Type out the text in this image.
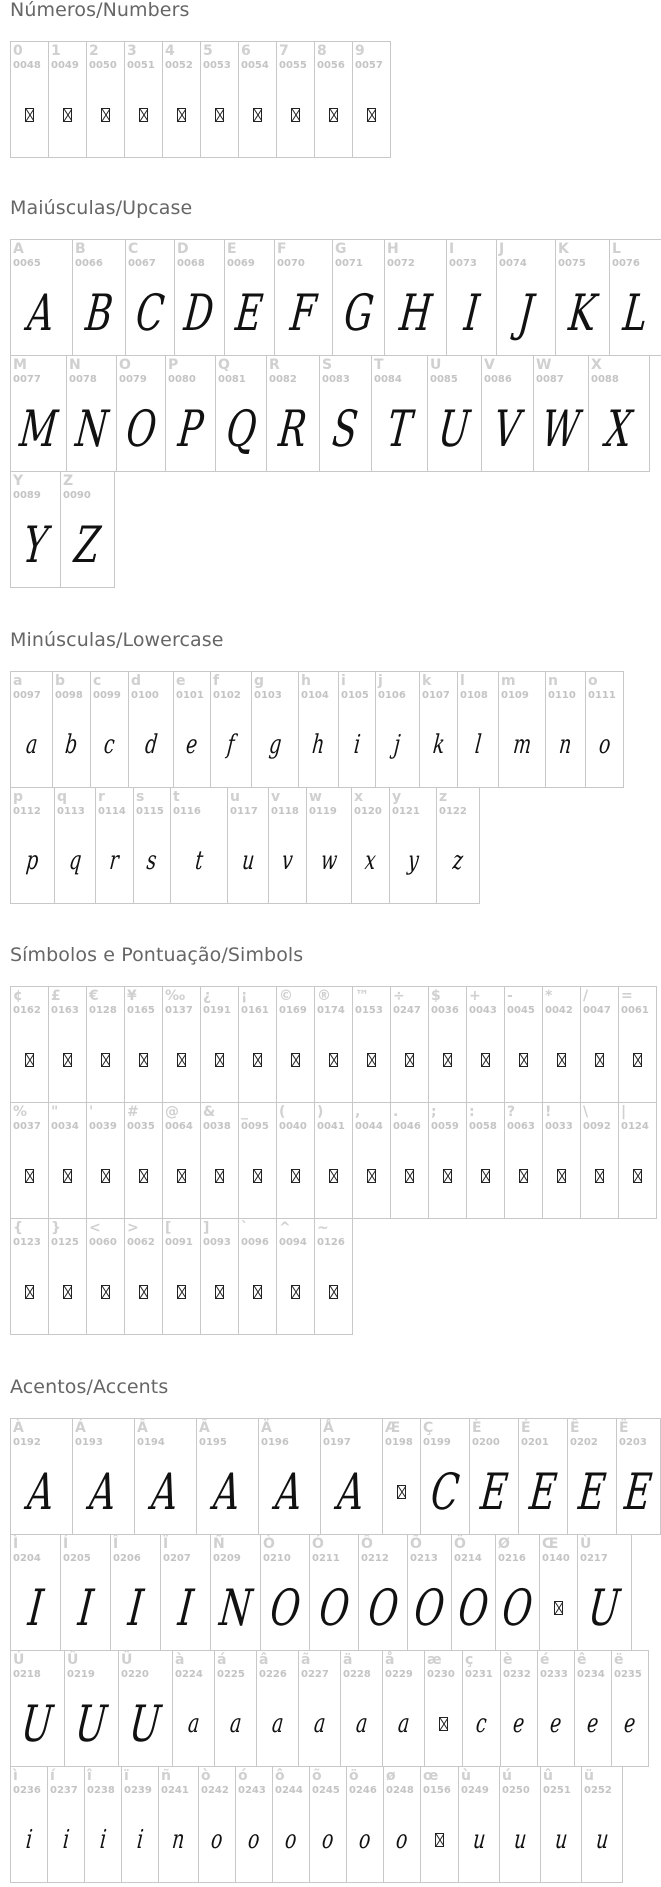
Números/Numbers
0
0048
1
0049
2
0050
3
0051
4
0052
5
0053
6
0054
7
0055
8
0056
9
0057
Maiúsculas/Upcase
A
0065
A
B
0066
B
C
0067
C
D
0068
D
E
0069
E
F
0070
F
G
0071
G
H
0072
H
I
0073
I
J
0074
J
K
0075
K
L
0076
L
M
0077
M
N
0078
N
O
0079
O
P
0080
P
Q
0081
Q
R
0082
R
S
0083
S
T
0084
T
U
0085
U
V
0086
V
W
0087
W
X
0088
X
Y
0089
Y
Z
0090
Z
Minúsculas/Lowercase
a
0097
a
b
0098
b
c
0099
c
d
0100
d
e
0101
e
f
0102
f
g
0103
g
h
0104
h
i
0105
i
j
0106
j
k
0107
k
l
0108
l
m
0109
m
n
0110
n
o
0111
o
p
0112
p
q
0113
q
r
0114
r
s
0115
s
t
0116
t
u
0117
u
v
0118
v
w
0119
w
x
0120
x
y
0121
y
z
0122
z
Símbolos e Pontuação/Simbols
¢
0162
£
0163
€
0128
¥
0165
‰
0137
¿
0191
¡
0161
©
0169
®
0174
™
0153
÷
0247
$
0036
+
0043
-
0045
*
0042
/
0047
=
0061
%
0037
"
0034
'
0039
#
0035
@
0064
&
0038
_
0095
(
0040
)
0041
,
0044
.
0046
;
0059
:
0058
?
0063
!
0033
\
0092
|
0124
{
0123
}
0125
<
0060
>
0062
[
0091
]
0093
`
0096
^
0094
~
0126
Acentos/Accents
À
0192
A
Á
0193
A
Â
0194
A
Ã
0195
A
Ä
0196
A
Å
0197
A
Æ
0198
Ç
0199
C
È
0200
E
É
0201
E
Ê
0202
E
Ë
0203
E
Ì
0204
I
Í
0205
I
Î
0206
I
Ï
0207
I
Ñ
0209
N
Ò
0210
O
Ó
0211
O
Ô
0212
O
Õ
0213
O
Ö
0214
O
Ø
0216
O
Œ
0140
Ù
0217
U
Ú
0218
U
Û
0219
U
Ü
0220
U
à
0224
a
á
0225
a
â
0226
a
ã
0227
a
ä
0228
a
å
0229
a
æ
0230
ç
0231
c
è
0232
e
é
0233
e
ê
0234
e
ë
0235
e
ì
0236
i
í
0237
i
î
0238
i
ï
0239
i
ñ
0241
n
ò
0242
o
ó
0243
o
ô
0244
o
õ
0245
o
ö
0246
o
ø
0248
o
œ
0156
ù
0249
u
ú
0250
u
û
0251
u
ü
0252
u
